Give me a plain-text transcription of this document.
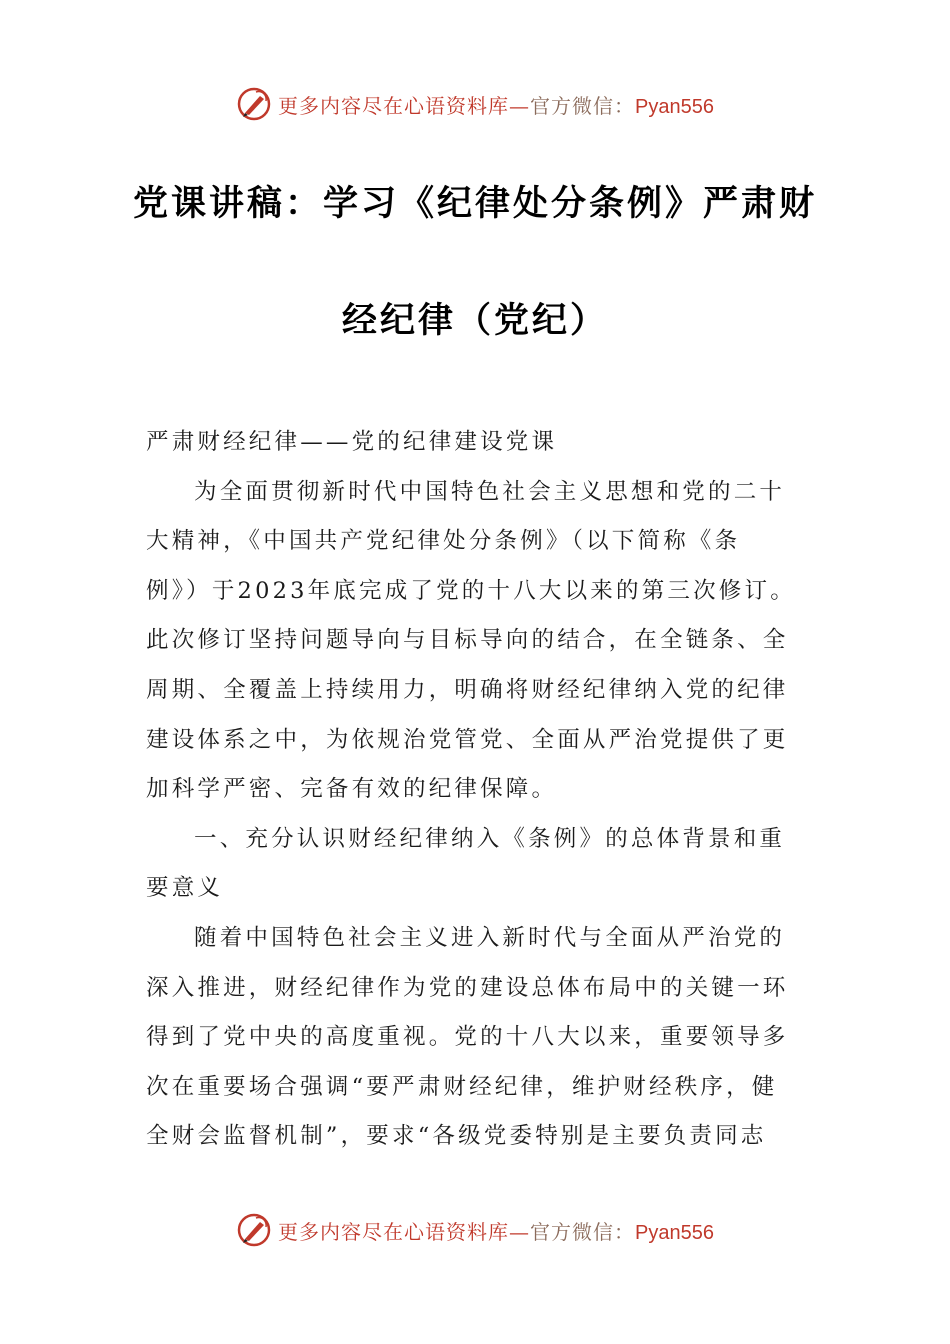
更多内容尽在心语资料库—官方微信：Pyan556
党课讲稿：学习《纪律处分条例》严肃财
经纪律（党纪）
严肃财经纪律——党的纪律建设党课
为全面贯彻新时代中国特色社会主义思想和党的二十
大精神，《中国共产党纪律处分条例》（以下简称《条
例》）于2023年底完成了党的十八大以来的第三次修订。
此次修订坚持问题导向与目标导向的结合，在全链条、全
周期、全覆盖上持续用力，明确将财经纪律纳入党的纪律
建设体系之中，为依规治党管党、全面从严治党提供了更
加科学严密、完备有效的纪律保障。
一、充分认识财经纪律纳入《条例》的总体背景和重
要意义
随着中国特色社会主义进入新时代与全面从严治党的
深入推进，财经纪律作为党的建设总体布局中的关键一环
得到了党中央的高度重视。党的十八大以来，重要领导多
次在重要场合强调“要严肃财经纪律，维护财经秩序，健
全财会监督机制”，要求“各级党委特别是主要负责同志
更多内容尽在心语资料库—官方微信：Pyan556
